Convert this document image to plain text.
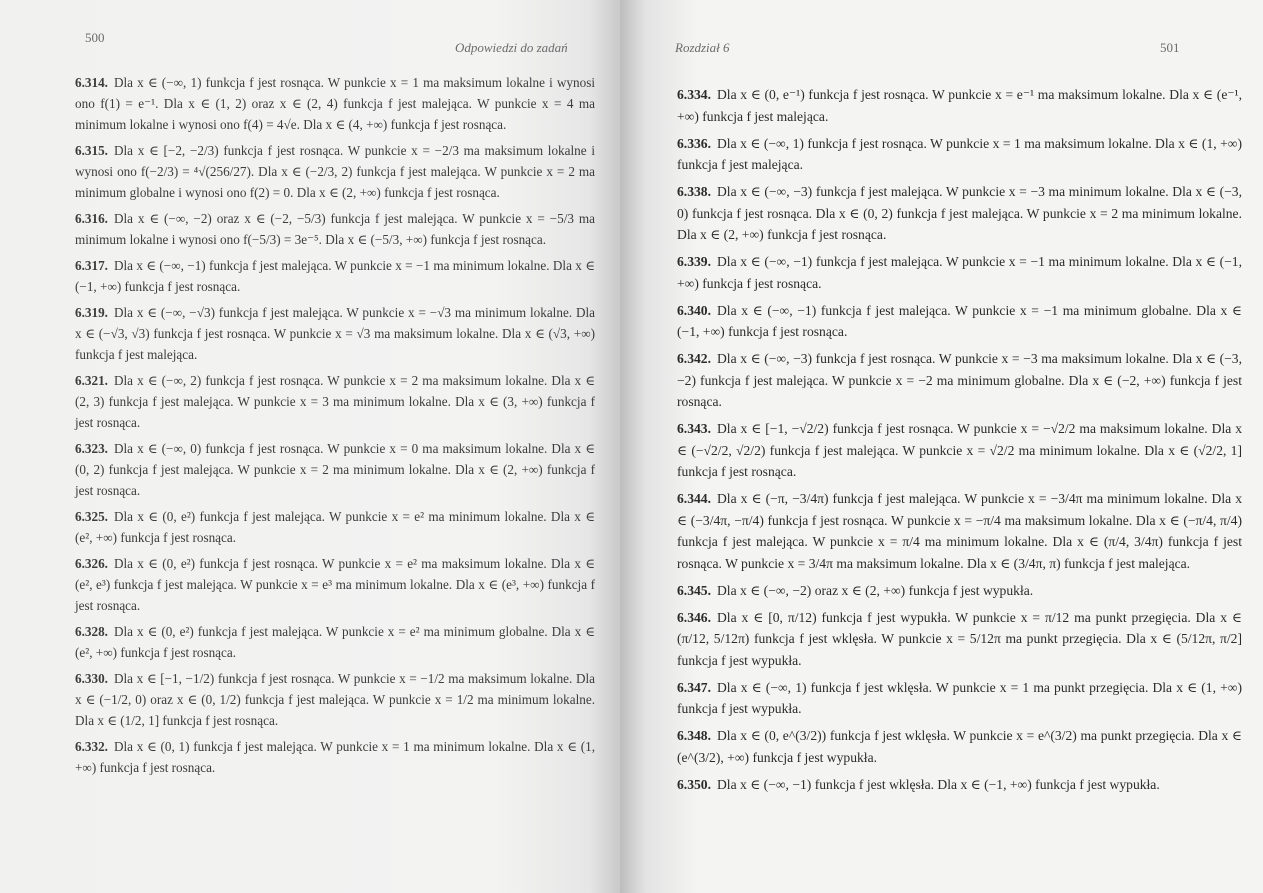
500
Odpowiedzi do zadań

6.314. Dla x ∈ (−∞, 1) funkcja f jest rosnąca. W punkcie x = 1 ma maksimum lokalne i wynosi ono f(1) = e⁻¹. Dla x ∈ (1, 2) oraz x ∈ (2, 4) funkcja f jest malejąca. W punkcie x = 4 ma minimum lokalne i wynosi ono f(4) = 4√e. Dla x ∈ (4, +∞) funkcja f jest rosnąca.

6.315. Dla x ∈ [−2, −2/3) funkcja f jest rosnąca. W punkcie x = −2/3 ma maksimum lokalne i wynosi ono f(−2/3) = ⁴√(256/27). Dla x ∈ (−2/3, 2) funkcja f jest malejąca. W punkcie x = 2 ma minimum globalne i wynosi ono f(2) = 0. Dla x ∈ (2, +∞) funkcja f jest rosnąca.

6.316. Dla x ∈ (−∞, −2) oraz x ∈ (−2, −5/3) funkcja f jest malejąca. W punkcie x = −5/3 ma minimum lokalne i wynosi ono f(−5/3) = 3e⁻⁵. Dla x ∈ (−5/3, +∞) funkcja f jest rosnąca.

6.317. Dla x ∈ (−∞, −1) funkcja f jest malejąca. W punkcie x = −1 ma minimum lokalne. Dla x ∈ (−1, +∞) funkcja f jest rosnąca.

6.319. Dla x ∈ (−∞, −√3) funkcja f jest malejąca. W punkcie x = −√3 ma minimum lokalne. Dla x ∈ (−√3, √3) funkcja f jest rosnąca. W punkcie x = √3 ma maksimum lokalne. Dla x ∈ (√3, +∞) funkcja f jest malejąca.

6.321. Dla x ∈ (−∞, 2) funkcja f jest rosnąca. W punkcie x = 2 ma maksimum lokalne. Dla x ∈ (2, 3) funkcja f jest malejąca. W punkcie x = 3 ma minimum lokalne. Dla x ∈ (3, +∞) funkcja f jest rosnąca.

6.323. Dla x ∈ (−∞, 0) funkcja f jest rosnąca. W punkcie x = 0 ma maksimum lokalne. Dla x ∈ (0, 2) funkcja f jest malejąca. W punkcie x = 2 ma minimum lokalne. Dla x ∈ (2, +∞) funkcja f jest rosnąca.

6.325. Dla x ∈ (0, e²) funkcja f jest malejąca. W punkcie x = e² ma minimum lokalne. Dla x ∈ (e², +∞) funkcja f jest rosnąca.

6.326. Dla x ∈ (0, e²) funkcja f jest rosnąca. W punkcie x = e² ma maksimum lokalne. Dla x ∈ (e², e³) funkcja f jest malejąca. W punkcie x = e³ ma minimum lokalne. Dla x ∈ (e³, +∞) funkcja f jest rosnąca.

6.328. Dla x ∈ (0, e²) funkcja f jest malejąca. W punkcie x = e² ma minimum globalne. Dla x ∈ (e², +∞) funkcja f jest rosnąca.

6.330. Dla x ∈ [−1, −1/2) funkcja f jest rosnąca. W punkcie x = −1/2 ma maksimum lokalne. Dla x ∈ (−1/2, 0) oraz x ∈ (0, 1/2) funkcja f jest malejąca. W punkcie x = 1/2 ma minimum lokalne. Dla x ∈ (1/2, 1] funkcja f jest rosnąca.

6.332. Dla x ∈ (0, 1) funkcja f jest malejąca. W punkcie x = 1 ma minimum lokalne. Dla x ∈ (1, +∞) funkcja f jest rosnąca.

Rozdział 6	501

6.334. Dla x ∈ (0, e⁻¹) funkcja f jest rosnąca. W punkcie x = e⁻¹ ma maksimum lokalne. Dla x ∈ (e⁻¹, +∞) funkcja f jest malejąca.

6.336. Dla x ∈ (−∞, 1) funkcja f jest rosnąca. W punkcie x = 1 ma maksimum lokalne. Dla x ∈ (1, +∞) funkcja f jest malejąca.

6.338. Dla x ∈ (−∞, −3) funkcja f jest malejąca. W punkcie x = −3 ma minimum lokalne. Dla x ∈ (−3, 0) funkcja f jest rosnąca. Dla x ∈ (0, 2) funkcja f jest malejąca. W punkcie x = 2 ma minimum lokalne. Dla x ∈ (2, +∞) funkcja f jest rosnąca.

6.339. Dla x ∈ (−∞, −1) funkcja f jest malejąca. W punkcie x = −1 ma minimum lokalne. Dla x ∈ (−1, +∞) funkcja f jest rosnąca.

6.340. Dla x ∈ (−∞, −1) funkcja f jest malejąca. W punkcie x = −1 ma minimum globalne. Dla x ∈ (−1, +∞) funkcja f jest rosnąca.

6.342. Dla x ∈ (−∞, −3) funkcja f jest rosnąca. W punkcie x = −3 ma maksimum lokalne. Dla x ∈ (−3, −2) funkcja f jest malejąca. W punkcie x = −2 ma minimum globalne. Dla x ∈ (−2, +∞) funkcja f jest rosnąca.

6.343. Dla x ∈ [−1, −√2/2) funkcja f jest rosnąca. W punkcie x = −√2/2 ma maksimum lokalne. Dla x ∈ (−√2/2, √2/2) funkcja f jest malejąca. W punkcie x = √2/2 ma minimum lokalne. Dla x ∈ (√2/2, 1] funkcja f jest rosnąca.

6.344. Dla x ∈ (−π, −3/4π) funkcja f jest malejąca. W punkcie x = −3/4π ma minimum lokalne. Dla x ∈ (−3/4π, −π/4) funkcja f jest rosnąca. W punkcie x = −π/4 ma maksimum lokalne. Dla x ∈ (−π/4, π/4) funkcja f jest malejąca. W punkcie x = π/4 ma minimum lokalne. Dla x ∈ (π/4, 3/4π) funkcja f jest rosnąca. W punkcie x = 3/4π ma maksimum lokalne. Dla x ∈ (3/4π, π) funkcja f jest malejąca.

6.345. Dla x ∈ (−∞, −2) oraz x ∈ (2, +∞) funkcja f jest wypukła.

6.346. Dla x ∈ [0, π/12) funkcja f jest wypukła. W punkcie x = π/12 ma punkt przegięcia. Dla x ∈ (π/12, 5/12π) funkcja f jest wklęsła. W punkcie x = 5/12π ma punkt przegięcia. Dla x ∈ (5/12π, π/2] funkcja f jest wypukła.

6.347. Dla x ∈ (−∞, 1) funkcja f jest wklęsła. W punkcie x = 1 ma punkt przegięcia. Dla x ∈ (1, +∞) funkcja f jest wypukła.

6.348. Dla x ∈ (0, e^(3/2)) funkcja f jest wklęsła. W punkcie x = e^(3/2) ma punkt przegięcia. Dla x ∈ (e^(3/2), +∞) funkcja f jest wypukła.

6.350. Dla x ∈ (−∞, −1) funkcja f jest wklęsła. Dla x ∈ (−1, +∞) funkcja f jest wypukła.
